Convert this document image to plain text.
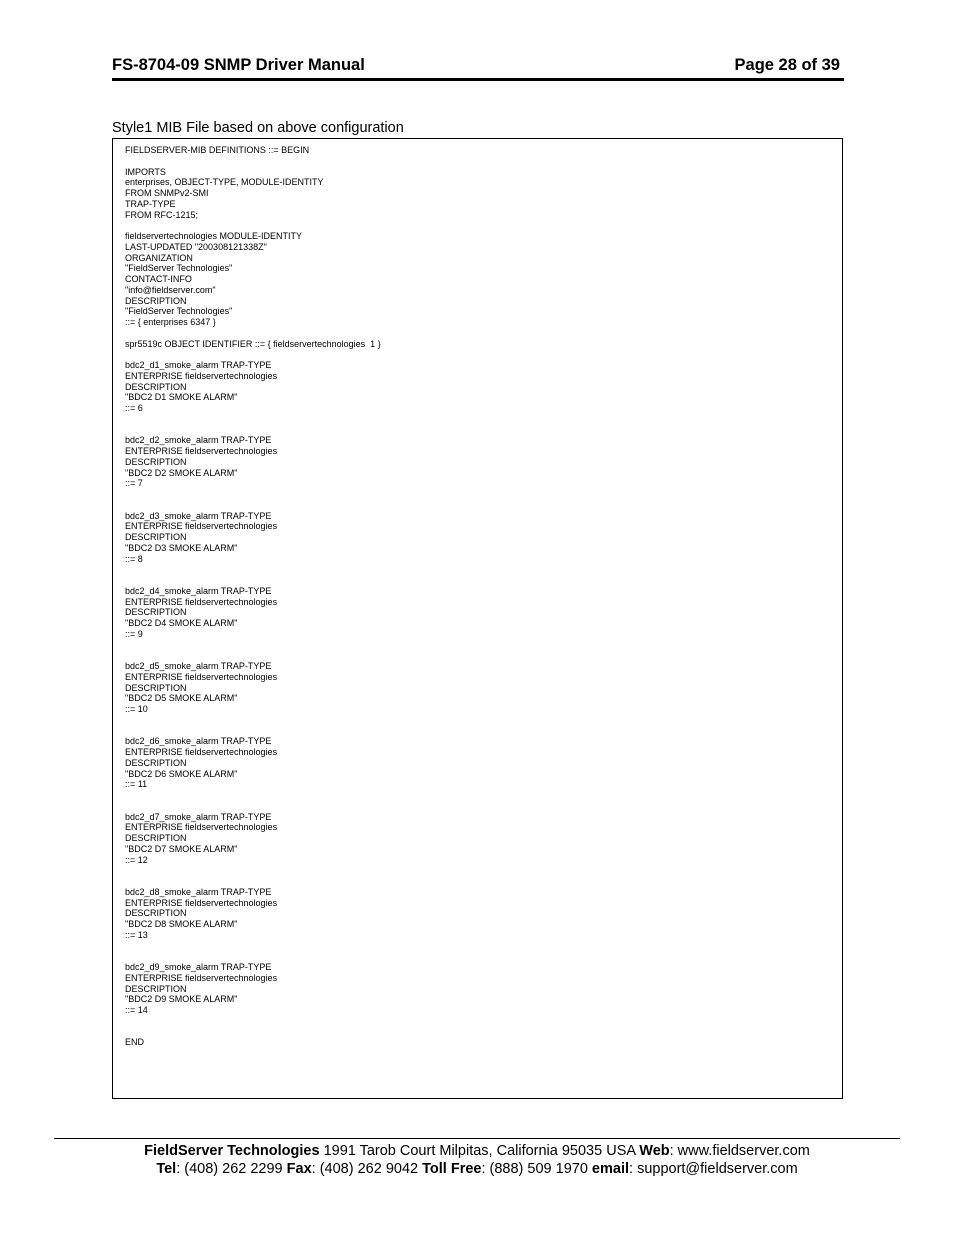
FS-8704-09 SNMP Driver Manual	Page 28 of 39
Style1 MIB File based on above configuration
FIELDSERVER-MIB DEFINITIONS ::= BEGIN
IMPORTS
enterprises, OBJECT-TYPE, MODULE-IDENTITY
FROM SNMPv2-SMI
TRAP-TYPE
FROM RFC-1215;
fieldservertechnologies MODULE-IDENTITY
LAST-UPDATED "200308121338Z"
ORGANIZATION
"FieldServer Technologies"
CONTACT-INFO
"info@fieldserver.com"
DESCRIPTION
"FieldServer Technologies"
::= { enterprises 6347 }
spr5519c OBJECT IDENTIFIER ::= { fieldservertechnologies  1 }
bdc2_d1_smoke_alarm TRAP-TYPE
ENTERPRISE fieldservertechnologies
DESCRIPTION
"BDC2 D1 SMOKE ALARM"
::= 6
bdc2_d2_smoke_alarm TRAP-TYPE
ENTERPRISE fieldservertechnologies
DESCRIPTION
"BDC2 D2 SMOKE ALARM"
::= 7
bdc2_d3_smoke_alarm TRAP-TYPE
ENTERPRISE fieldservertechnologies
DESCRIPTION
"BDC2 D3 SMOKE ALARM"
::= 8
bdc2_d4_smoke_alarm TRAP-TYPE
ENTERPRISE fieldservertechnologies
DESCRIPTION
"BDC2 D4 SMOKE ALARM"
::= 9
bdc2_d5_smoke_alarm TRAP-TYPE
ENTERPRISE fieldservertechnologies
DESCRIPTION
"BDC2 D5 SMOKE ALARM"
::= 10
bdc2_d6_smoke_alarm TRAP-TYPE
ENTERPRISE fieldservertechnologies
DESCRIPTION
"BDC2 D6 SMOKE ALARM"
::= 11
bdc2_d7_smoke_alarm TRAP-TYPE
ENTERPRISE fieldservertechnologies
DESCRIPTION
"BDC2 D7 SMOKE ALARM"
::= 12
bdc2_d8_smoke_alarm TRAP-TYPE
ENTERPRISE fieldservertechnologies
DESCRIPTION
"BDC2 D8 SMOKE ALARM"
::= 13
bdc2_d9_smoke_alarm TRAP-TYPE
ENTERPRISE fieldservertechnologies
DESCRIPTION
"BDC2 D9 SMOKE ALARM"
::= 14
END
FieldServer Technologies 1991 Tarob Court Milpitas, California 95035 USA Web: www.fieldserver.com
Tel: (408) 262 2299 Fax: (408) 262 9042 Toll Free: (888) 509 1970 email: support@fieldserver.com
